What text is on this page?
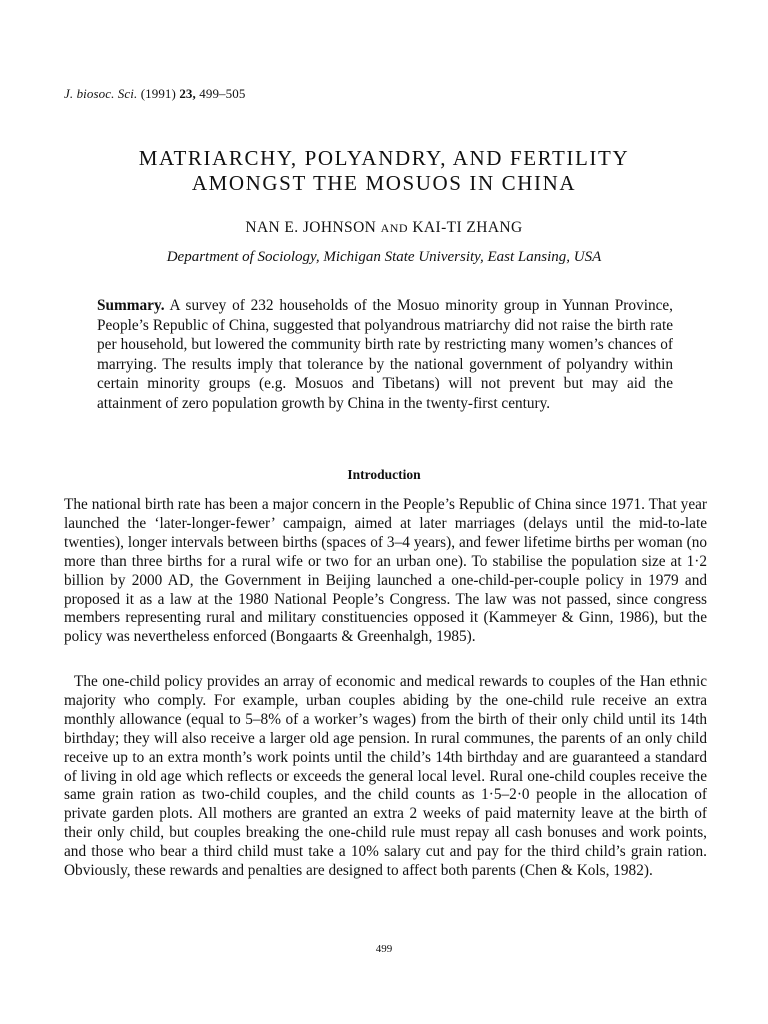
J. biosoc. Sci. (1991) 23, 499–505
MATRIARCHY, POLYANDRY, AND FERTILITY
AMONGST THE MOSUOS IN CHINA
NAN E. JOHNSON AND KAI-TI ZHANG
Department of Sociology, Michigan State University, East Lansing, USA

Summary. A survey of 232 households of the Mosuo minority group in Yunnan Province, People’s Republic of China, suggested that polyandrous matriarchy did not raise the birth rate per household, but lowered the community birth rate by restricting many women’s chances of marrying. The results imply that tolerance by the national government of polyandry within certain minority groups (e.g. Mosuos and Tibetans) will not prevent but may aid the attainment of zero population growth by China in the twenty-first century.

Introduction

The national birth rate has been a major concern in the People’s Republic of China since 1971. That year launched the ‘later-longer-fewer’ campaign, aimed at later marriages (delays until the mid-to-late twenties), longer intervals between births (spaces of 3–4 years), and fewer lifetime births per woman (no more than three births for a rural wife or two for an urban one). To stabilise the population size at 1·2 billion by 2000 AD, the Government in Beijing launched a one-child-per-couple policy in 1979 and proposed it as a law at the 1980 National People’s Congress. The law was not passed, since congress members representing rural and military constituencies opposed it (Kammeyer & Ginn, 1986), but the policy was nevertheless enforced (Bongaarts & Greenhalgh, 1985).

The one-child policy provides an array of economic and medical rewards to couples of the Han ethnic majority who comply. For example, urban couples abiding by the one-child rule receive an extra monthly allowance (equal to 5–8% of a worker’s wages) from the birth of their only child until its 14th birthday; they will also receive a larger old age pension. In rural communes, the parents of an only child receive up to an extra month’s work points until the child’s 14th birthday and are guaranteed a standard of living in old age which reflects or exceeds the general local level. Rural one-child couples receive the same grain ration as two-child couples, and the child counts as 1·5–2·0 people in the allocation of private garden plots. All mothers are granted an extra 2 weeks of paid maternity leave at the birth of their only child, but couples breaking the one-child rule must repay all cash bonuses and work points, and those who bear a third child must take a 10% salary cut and pay for the third child’s grain ration. Obviously, these rewards and penalties are designed to affect both parents (Chen & Kols, 1982).

499
